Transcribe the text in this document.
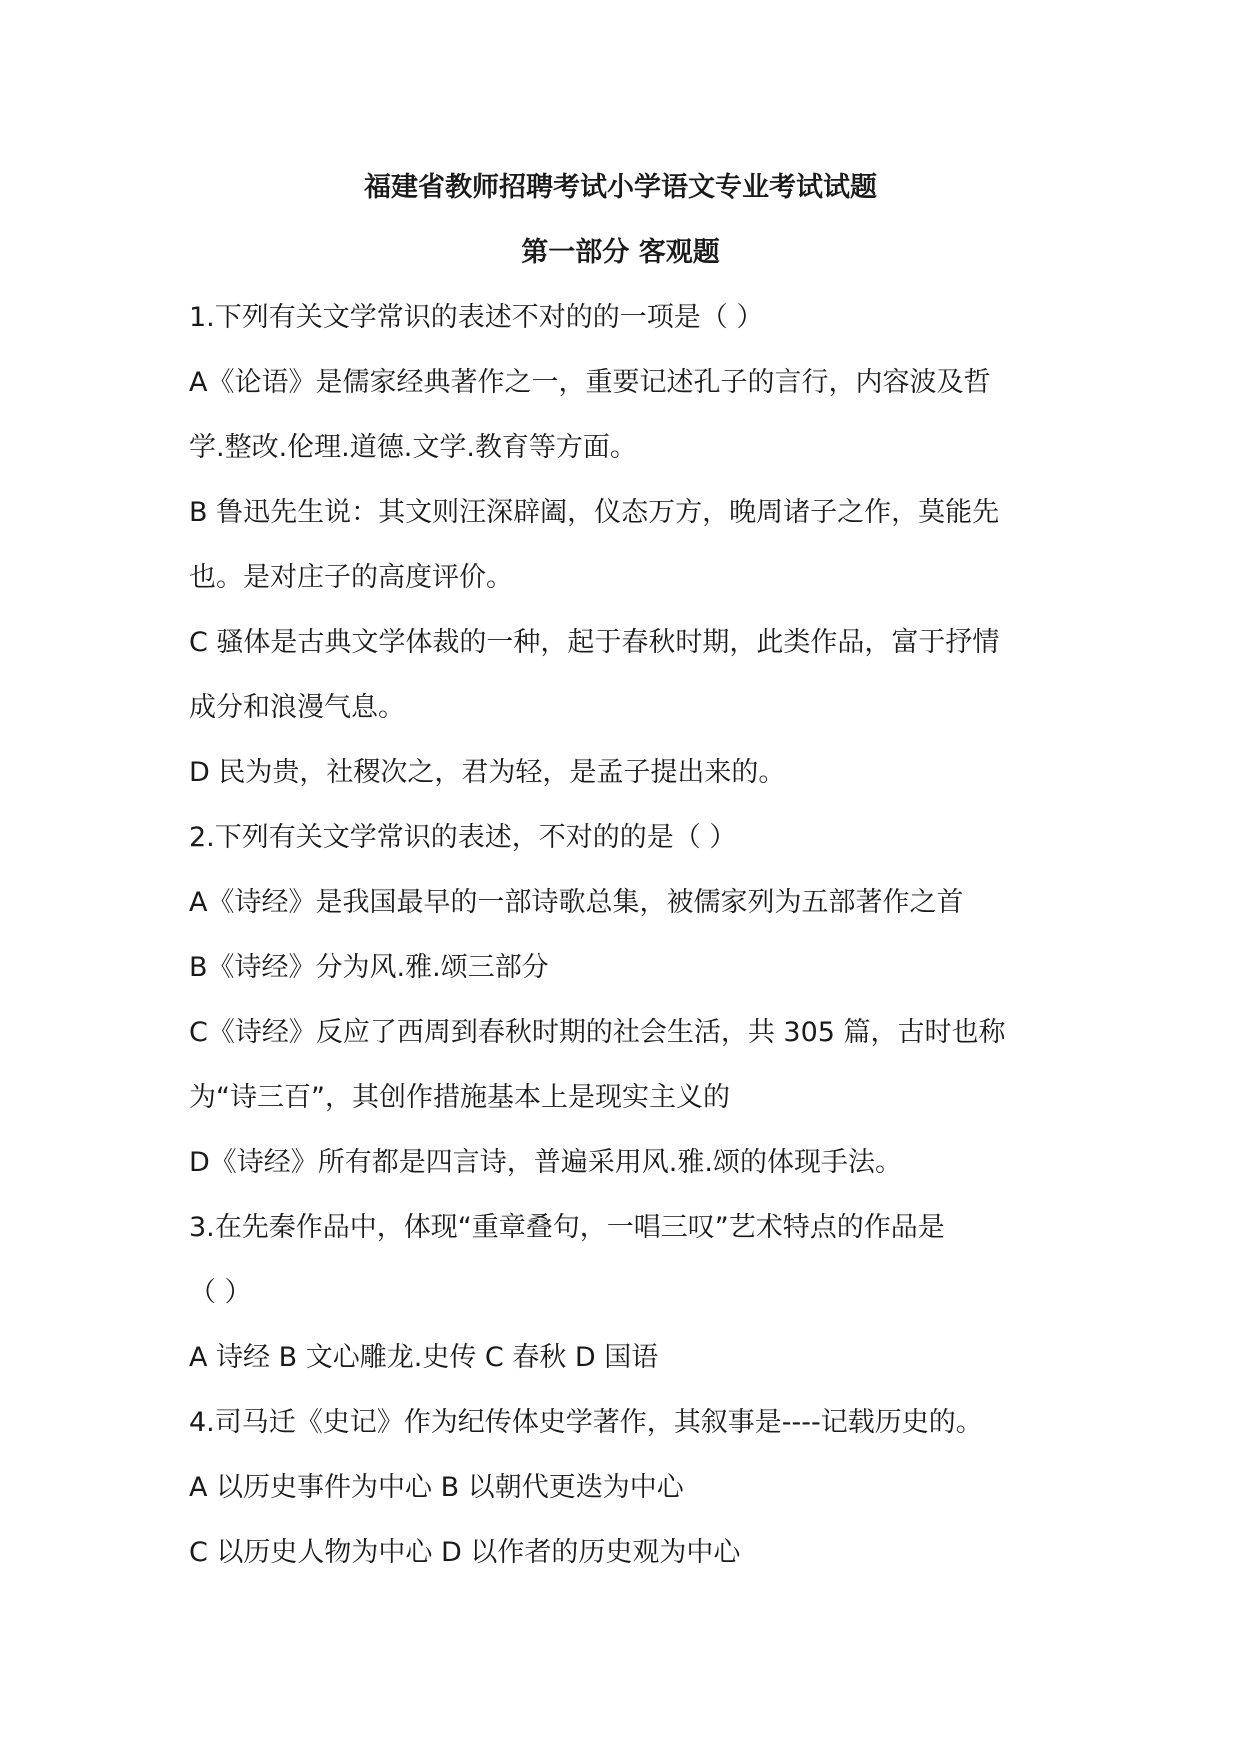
福建省教师招聘考试小学语文专业考试试题
第一部分 客观题
1.下列有关文学常识的表述不对的的一项是（ ）
A《论语》是儒家经典著作之一，重要记述孔子的言行，内容波及哲
学.整改.伦理.道德.文学.教育等方面。
B 鲁迅先生说：其文则汪深辟阖，仪态万方，晚周诸子之作，莫能先
也。是对庄子的高度评价。
C 骚体是古典文学体裁的一种，起于春秋时期，此类作品，富于抒情
成分和浪漫气息。
D 民为贵，社稷次之，君为轻，是孟子提出来的。
2.下列有关文学常识的表述，不对的的是（ ）
A《诗经》是我国最早的一部诗歌总集，被儒家列为五部著作之首
B《诗经》分为风.雅.颂三部分
C《诗经》反应了西周到春秋时期的社会生活，共 305 篇，古时也称
为“诗三百”，其创作措施基本上是现实主义的
D《诗经》所有都是四言诗，普遍采用风.雅.颂的体现手法。
3.在先秦作品中，体现“重章叠句，一唱三叹”艺术特点的作品是
（ ）
A 诗经 B 文心雕龙.史传 C 春秋 D 国语
4.司马迁《史记》作为纪传体史学著作，其叙事是----记载历史的。
A 以历史事件为中心 B 以朝代更迭为中心
C 以历史人物为中心 D 以作者的历史观为中心
